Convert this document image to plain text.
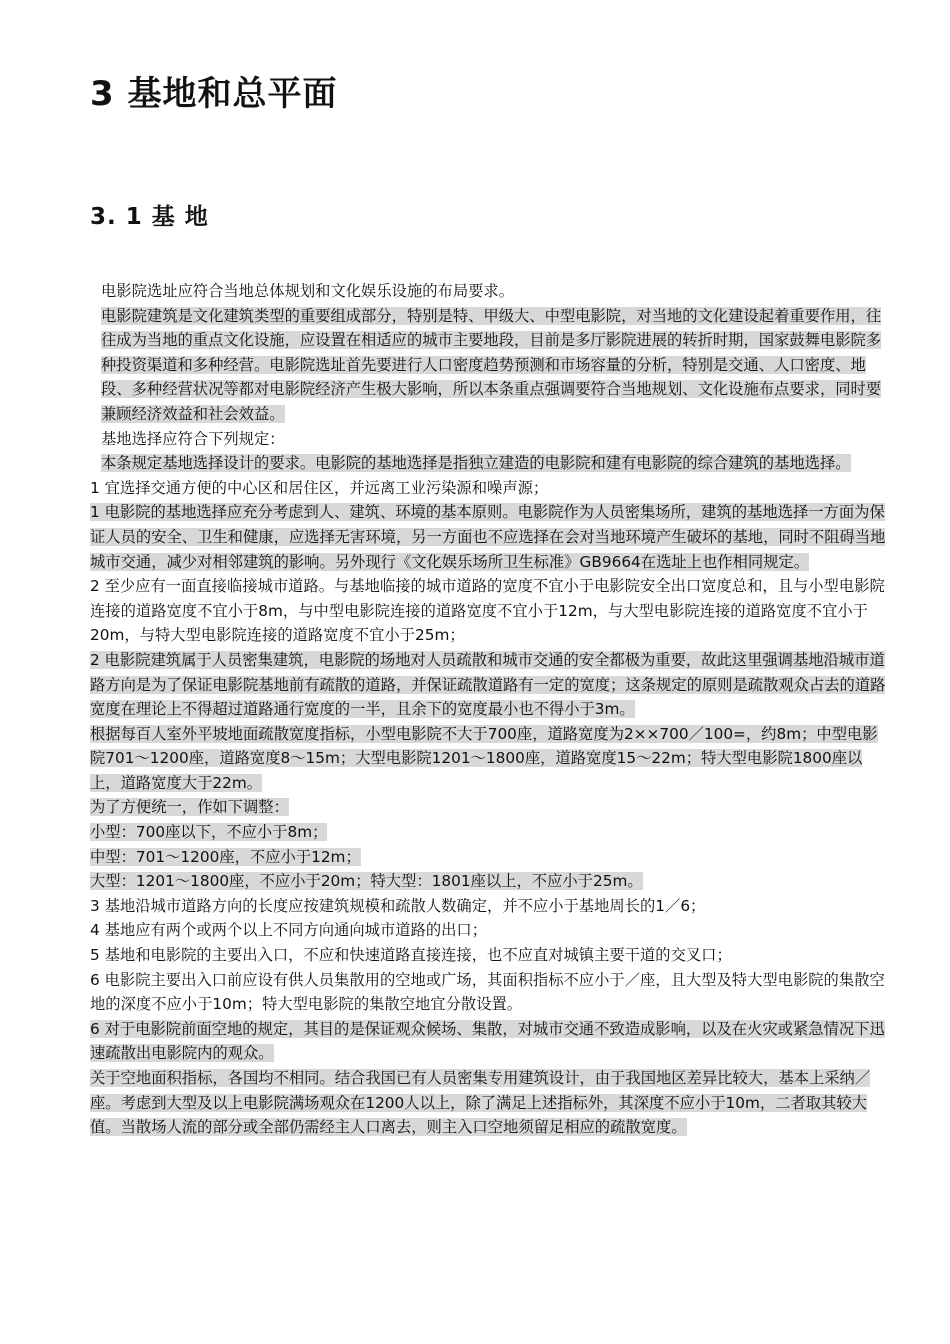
3 基地和总平面
3. 1 基 地

电影院选址应符合当地总体规划和文化娱乐设施的布局要求。

电影院建筑是文化建筑类型的重要组成部分，特别是特、甲级大、中型电影院，对当地的文化建设起着重要作用，往往成为当地的重点文化设施，应设置在相适应的城市主要地段，目前是多厅影院进展的转折时期，国家鼓舞电影院多种投资渠道和多种经营。电影院选址首先要进行人口密度趋势预测和市场容量的分析，特别是交通、人口密度、地段、多种经营状况等都对电影院经济产生极大影响，所以本条重点强调要符合当地规划、文化设施布点要求，同时要兼顾经济效益和社会效益。

基地选择应符合下列规定：

本条规定基地选择设计的要求。电影院的基地选择是指独立建造的电影院和建有电影院的综合建筑的基地选择。

1 宜选择交通方便的中心区和居住区，并远离工业污染源和噪声源；

1 电影院的基地选择应充分考虑到人、建筑、环境的基本原则。电影院作为人员密集场所，建筑的基地选择一方面为保证人员的安全、卫生和健康，应选择无害环境，另一方面也不应选择在会对当地环境产生破坏的基地，同时不阻碍当地城市交通，减少对相邻建筑的影响。另外现行《文化娱乐场所卫生标准》GB9664在选址上也作相同规定。

2 至少应有一面直接临接城市道路。与基地临接的城市道路的宽度不宜小于电影院安全出口宽度总和，且与小型电影院连接的道路宽度不宜小于8m，与中型电影院连接的道路宽度不宜小于12m，与大型电影院连接的道路宽度不宜小于20m，与特大型电影院连接的道路宽度不宜小于25m；

2 电影院建筑属于人员密集建筑，电影院的场地对人员疏散和城市交通的安全都极为重要，故此这里强调基地沿城市道路方向是为了保证电影院基地前有疏散的道路，并保证疏散道路有一定的宽度；这条规定的原则是疏散观众占去的道路宽度在理论上不得超过道路通行宽度的一半，且余下的宽度最小也不得小于3m。

根据每百人室外平坡地面疏散宽度指标，小型电影院不大于700座，道路宽度为2××700／100=，约8m；中型电影院701～1200座，道路宽度8～15m；大型电影院1201～1800座，道路宽度15～22m；特大型电影院1800座以上，道路宽度大于22m。

为了方便统一，作如下调整：

小型：700座以下，不应小于8m；

中型：701～1200座，不应小于12m；

大型：1201～1800座，不应小于20m；特大型：1801座以上，不应小于25m。

3 基地沿城市道路方向的长度应按建筑规模和疏散人数确定，并不应小于基地周长的1／6；

4 基地应有两个或两个以上不同方向通向城市道路的出口；

5 基地和电影院的主要出入口，不应和快速道路直接连接，也不应直对城镇主要干道的交叉口；

6 电影院主要出入口前应设有供人员集散用的空地或广场，其面积指标不应小于／座，且大型及特大型电影院的集散空地的深度不应小于10m；特大型电影院的集散空地宜分散设置。

6 对于电影院前面空地的规定，其目的是保证观众候场、集散，对城市交通不致造成影响，以及在火灾或紧急情况下迅速疏散出电影院内的观众。

关于空地面积指标，各国均不相同。结合我国已有人员密集专用建筑设计，由于我国地区差异比较大，基本上采纳／座。考虑到大型及以上电影院满场观众在1200人以上，除了满足上述指标外，其深度不应小于10m，二者取其较大值。当散场人流的部分或全部仍需经主人口离去，则主入口空地须留足相应的疏散宽度。
